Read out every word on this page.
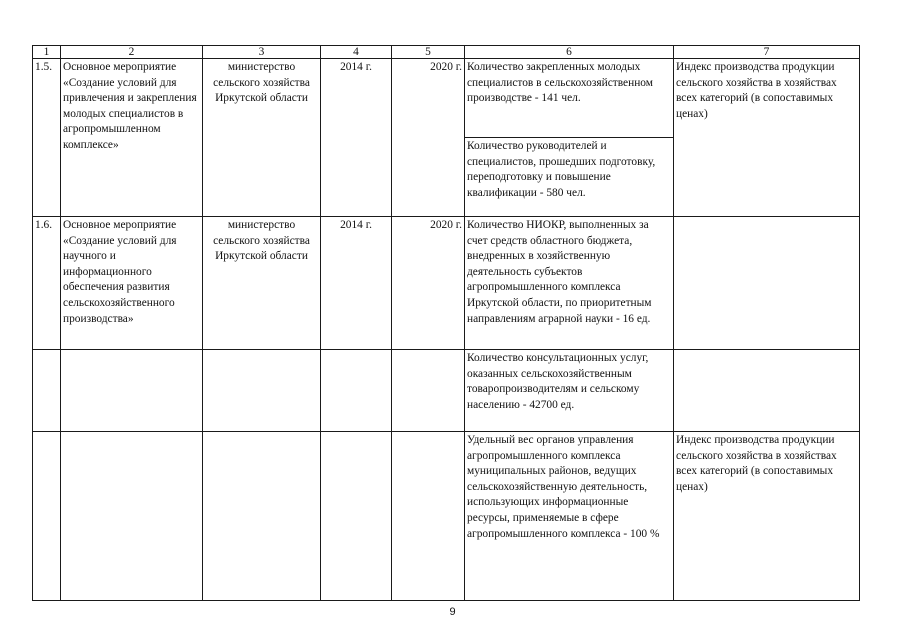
1	2	3	4	5	6	7
1.5.	Основное мероприятие «Создание условий для привлечения и закрепления молодых специалистов в агропромышленном комплексе»	министерство сельского хозяйства Иркутской области	2014 г.	2020 г.	Количество закрепленных молодых специалистов в сельскохозяйственном производстве - 141 чел.	Индекс производства продукции сельского хозяйства в хозяйствах всех категорий (в сопоставимых ценах)
					Количество руководителей и специалистов, прошедших подготовку, переподготовку и повышение квалификации - 580 чел.	
1.6.	Основное мероприятие «Создание условий для научного и информационного обеспечения развития сельскохозяйственного производства»	министерство сельского хозяйства Иркутской области	2014 г.	2020 г.	Количество НИОКР, выполненных за счет средств областного бюджета, внедренных в хозяйственную деятельность субъектов агропромышленного комплекса Иркутской области, по приоритетным направлениям аграрной науки - 16 ед.	
					Количество консультационных услуг, оказанных сельскохозяйственным товаропроизводителям и сельскому населению - 42700 ед.	
					Удельный вес органов управления агропромышленного комплекса муниципальных районов, ведущих сельскохозяйственную деятельность, использующих информационные ресурсы, применяемые в сфере агропромышленного комплекса - 100 %	Индекс производства продукции сельского хозяйства в хозяйствах всех категорий (в сопоставимых ценах)
9
